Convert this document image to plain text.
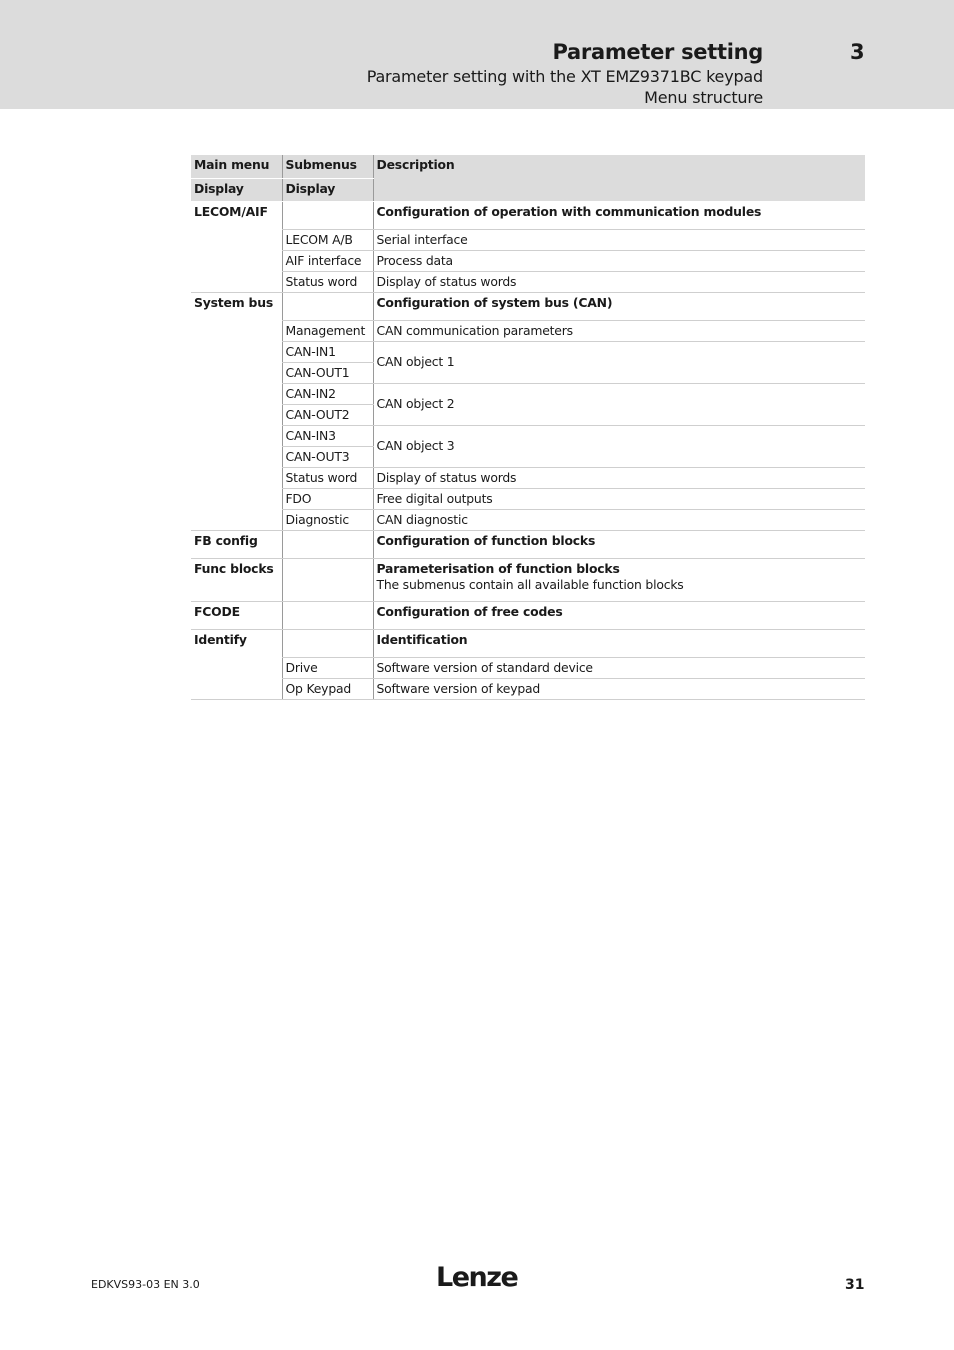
Parameter setting	3
Parameter setting with the XT EMZ9371BC keypad
Menu structure
Main menu	Submenus	Description
Display	Display	
LECOM/AIF		Configuration of operation with communication modules
	LECOM A/B	Serial interface
	AIF interface	Process data
	Status word	Display of status words
System bus		Configuration of system bus (CAN)
	Management	CAN communication parameters
	CAN-IN1	CAN object 1
	CAN-OUT1	
	CAN-IN2	CAN object 2
	CAN-OUT2	
	CAN-IN3	CAN object 3
	CAN-OUT3	
	Status word	Display of status words
	FDO	Free digital outputs
	Diagnostic	CAN diagnostic
FB config		Configuration of function blocks
Func blocks		Parameterisation of function blocks
The submenus contain all available function blocks

FCODE		Configuration of free codes
Identify		Identification
	Drive	Software version of standard device
	Op Keypad	Software version of keypad
EDKVS93-03 EN 3.0	Lenze	31
